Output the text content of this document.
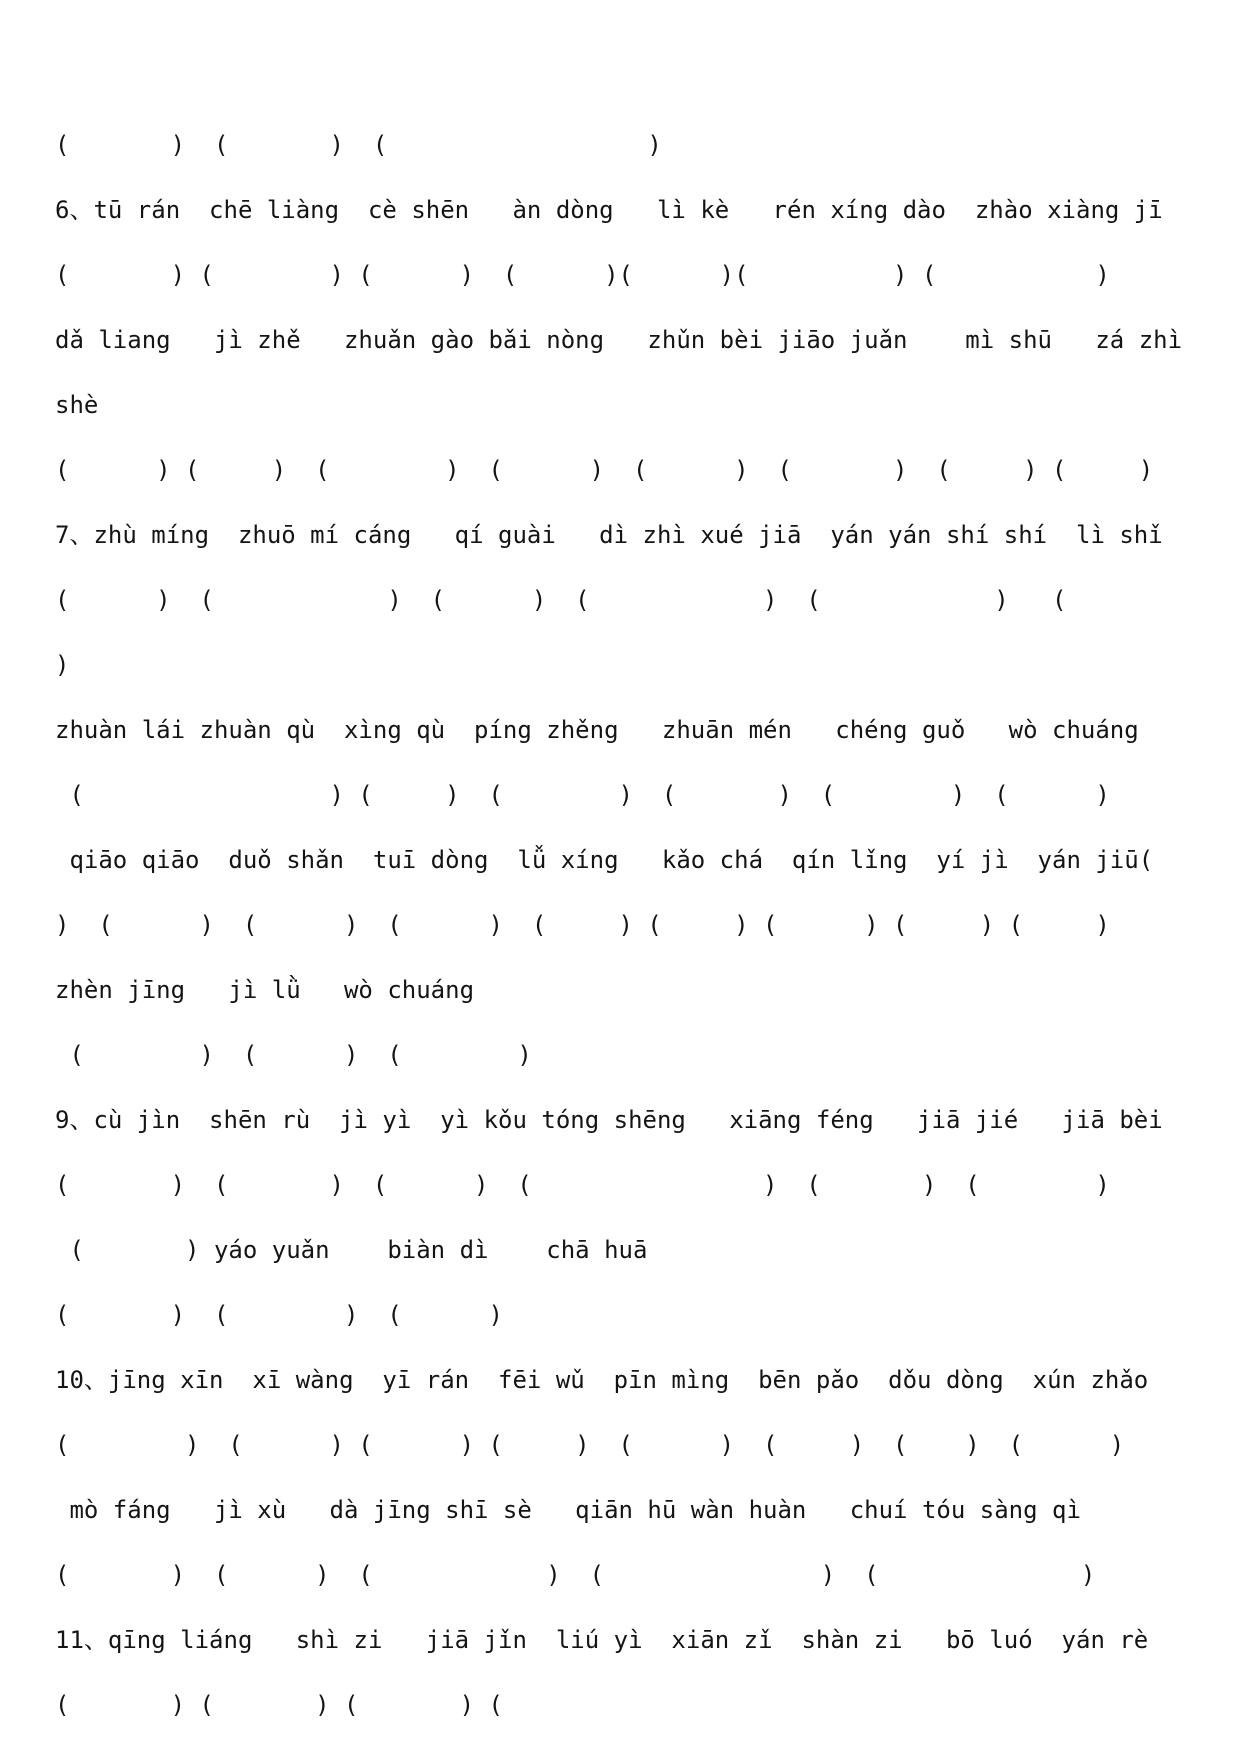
(       )  (       )  (                  )
6、tū rán  chē liàng  cè shēn   àn dòng   lì kè   rén xíng dào  zhào xiàng jī
(       ) (        ) (      )  (      )(      )(          ) (           )
dǎ liang   jì zhě   zhuǎn gào bǎi nòng   zhǔn bèi jiāo juǎn    mì shū   zá zhì
shè
(      ) (     )  (        )  (      )  (      )  (       )  (     ) (     )
7、zhù míng  zhuō mí cáng   qí guài   dì zhì xué jiā  yán yán shí shí  lì shǐ
(      )  (            )  (      )  (            )  (            )   (
)
zhuàn lái zhuàn qù  xìng qù  píng zhěng   zhuān mén   chéng guǒ   wò chuáng
(                 ) (     )  (        )  (       )  (        )  (      )
qiāo qiāo  duǒ shǎn  tuī dòng  lǚ xíng   kǎo chá  qín lǐng  yí jì  yán jiū(
)  (      )  (      )  (      )  (     ) (     ) (      ) (     ) (     )
zhèn jīng   jì lǜ   wò chuáng
(        )  (      )  (        )
9、cù jìn  shēn rù  jì yì  yì kǒu tóng shēng   xiāng féng   jiā jié   jiā bèi
(       )  (       )  (      )  (                )  (       )  (        )
(       ) yáo yuǎn    biàn dì    chā huā
(       )  (        )  (      )
10、jīng xīn  xī wàng  yī rán  fēi wǔ  pīn mìng  bēn pǎo  dǒu dòng  xún zhǎo
(        )  (      ) (      ) (     )  (      )  (     )  (    )  (      )
mò fáng   jì xù   dà jīng shī sè   qiān hū wàn huàn   chuí tóu sàng qì
(       )  (      )  (            )  (               )  (              )
11、qīng liáng   shì zi   jiā jǐn  liú yì  xiān zǐ  shàn zi   bō luó  yán rè
(       ) (       ) (       ) (
